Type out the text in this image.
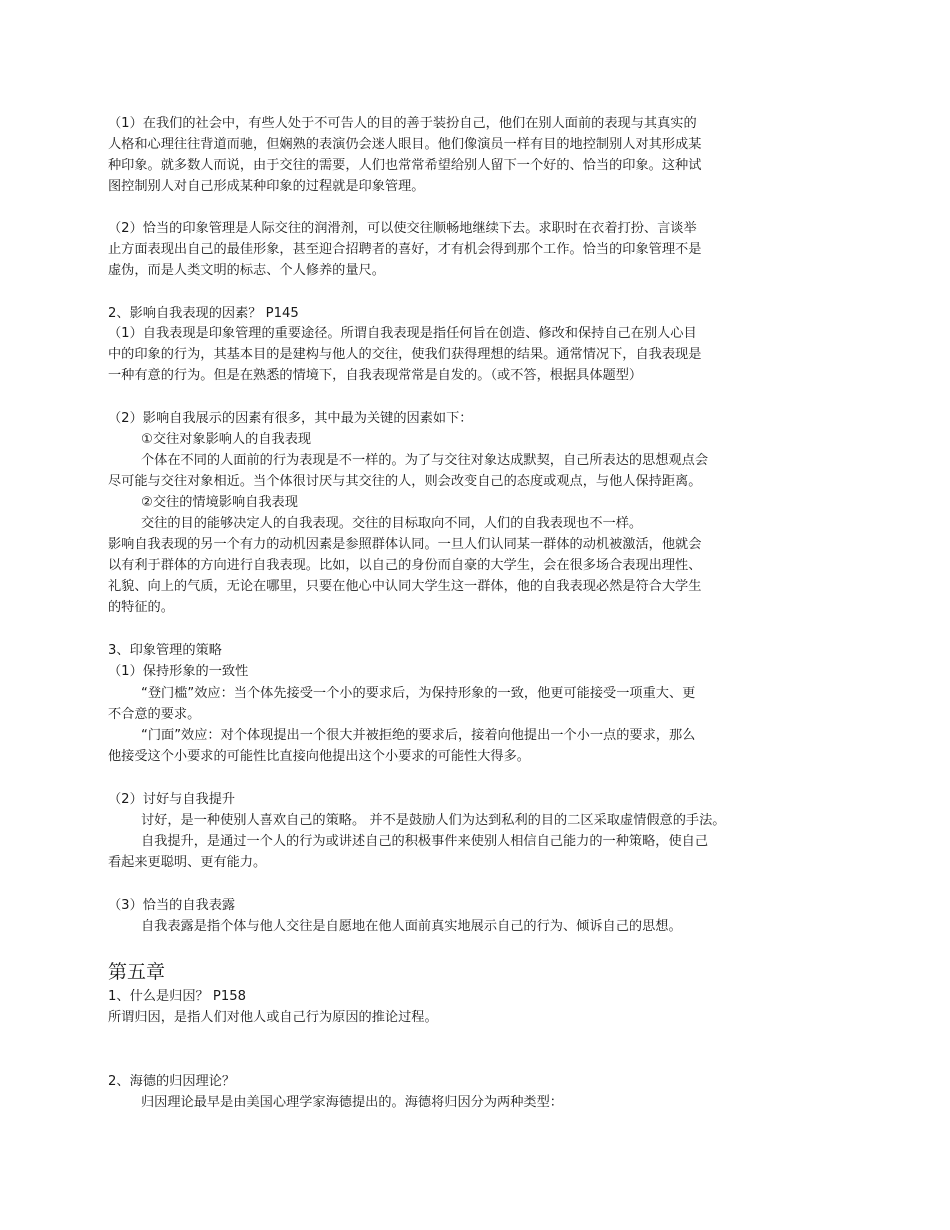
（1）在我们的社会中，有些人处于不可告人的目的善于装扮自己，他们在别人面前的表现与其真实的
人格和心理往往背道而驰，但娴熟的表演仍会迷人眼目。他们像演员一样有目的地控制别人对其形成某
种印象。就多数人而说，由于交往的需要，人们也常常希望给别人留下一个好的、恰当的印象。这种试
图控制别人对自己形成某种印象的过程就是印象管理。
（2）恰当的印象管理是人际交往的润滑剂，可以使交往顺畅地继续下去。求职时在衣着打扮、言谈举
止方面表现出自己的最佳形象，甚至迎合招聘者的喜好，才有机会得到那个工作。恰当的印象管理不是
虚伪，而是人类文明的标志、个人修养的量尺。
2、影响自我表现的因素？ P145
（1）自我表现是印象管理的重要途径。所谓自我表现是指任何旨在创造、修改和保持自己在别人心目
中的印象的行为，其基本目的是建构与他人的交往，使我们获得理想的结果。通常情况下，自我表现是
一种有意的行为。但是在熟悉的情境下，自我表现常常是自发的。（或不答，根据具体题型）
（2）影响自我展示的因素有很多，其中最为关键的因素如下：
①交往对象影响人的自我表现
个体在不同的人面前的行为表现是不一样的。为了与交往对象达成默契，自己所表达的思想观点会
尽可能与交往对象相近。当个体很讨厌与其交往的人，则会改变自己的态度或观点，与他人保持距离。
②交往的情境影响自我表现
交往的目的能够决定人的自我表现。交往的目标取向不同，人们的自我表现也不一样。
影响自我表现的另一个有力的动机因素是参照群体认同。一旦人们认同某一群体的动机被激活，他就会
以有利于群体的方向进行自我表现。比如，以自己的身份而自豪的大学生，会在很多场合表现出理性、
礼貌、向上的气质，无论在哪里，只要在他心中认同大学生这一群体，他的自我表现必然是符合大学生
的特征的。
3、印象管理的策略
（1）保持形象的一致性
“登门槛”效应：当个体先接受一个小的要求后，为保持形象的一致，他更可能接受一项重大、更
不合意的要求。
“门面”效应：对个体现提出一个很大并被拒绝的要求后，接着向他提出一个小一点的要求，那么
他接受这个小要求的可能性比直接向他提出这个小要求的可能性大得多。
（2）讨好与自我提升
讨好，是一种使别人喜欢自己的策略。 并不是鼓励人们为达到私利的目的二区采取虚情假意的手法。
自我提升，是通过一个人的行为或讲述自己的积极事件来使别人相信自己能力的一种策略，使自己
看起来更聪明、更有能力。
（3）恰当的自我表露
自我表露是指个体与他人交往是自愿地在他人面前真实地展示自己的行为、倾诉自己的思想。
第五章
1、什么是归因？ P158
所谓归因，是指人们对他人或自己行为原因的推论过程。
2、海德的归因理论？
归因理论最早是由美国心理学家海德提出的。海德将归因分为两种类型：
